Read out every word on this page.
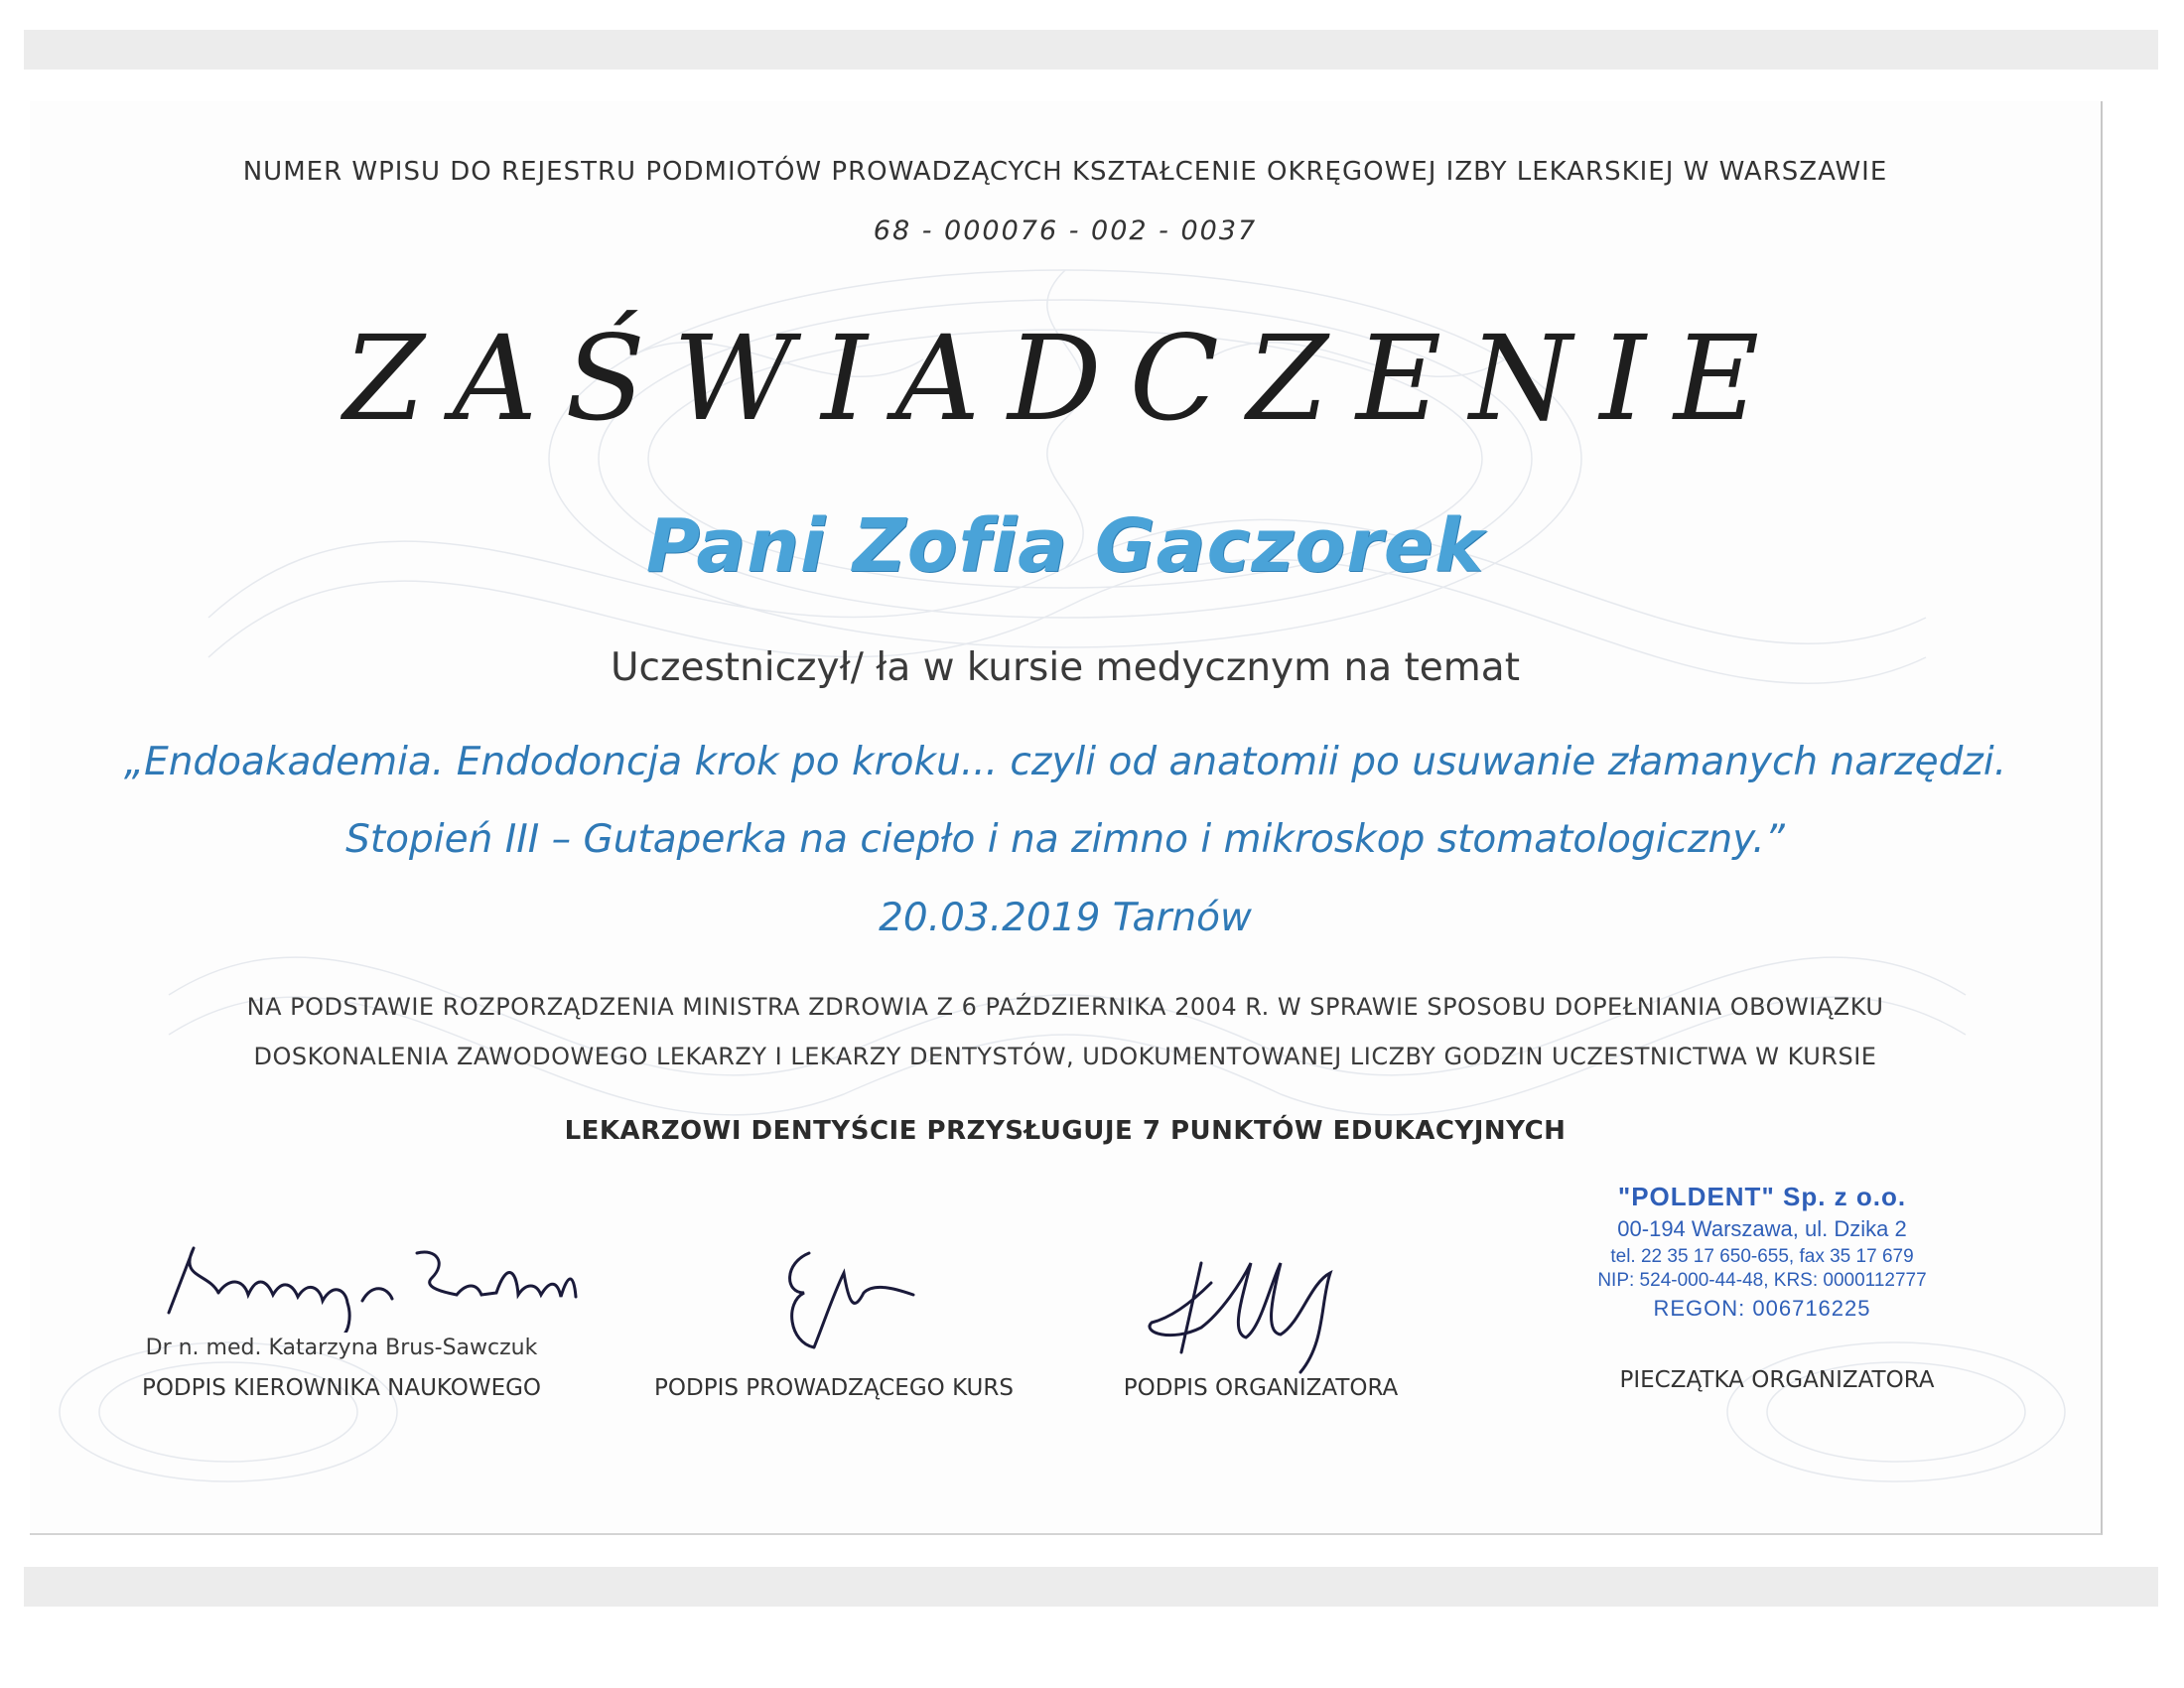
NUMER WPISU DO REJESTRU PODMIOTÓW PROWADZĄCYCH KSZTAŁCENIE OKRĘGOWEJ IZBY LEKARSKIEJ W WARSZAWIE
68 - 000076 - 002 - 0037
ZAŚWIADCZENIE
Pani Zofia Gaczorek
Uczestniczył/ ła w kursie medycznym na temat
„Endoakademia. Endodoncja krok po kroku... czyli od anatomii po usuwanie złamanych narzędzi.
Stopień III – Gutaperka na ciepło i na zimno i mikroskop stomatologiczny.”
20.03.2019 Tarnów
NA PODSTAWIE ROZPORZĄDZENIA MINISTRA ZDROWIA Z 6 PAŹDZIERNIKA 2004 R. W SPRAWIE SPOSOBU DOPEŁNIANIA OBOWIĄZKU
DOSKONALENIA ZAWODOWEGO LEKARZY I LEKARZY DENTYSTÓW, UDOKUMENTOWANEJ LICZBY GODZIN UCZESTNICTWA W KURSIE
LEKARZOWI DENTYŚCIE PRZYSŁUGUJE 7 PUNKTÓW EDUKACYJNYCH
Dr n. med. Katarzyna Brus-Sawczuk
PODPIS KIEROWNIKA NAUKOWEGO	PODPIS PROWADZĄCEGO KURS	PODPIS ORGANIZATORA	PIECZĄTKA ORGANIZATORA
"POLDENT" Sp. z o.o.
00-194 Warszawa, ul. Dzika 2
tel. 22 35 17 650-655, fax 35 17 679
NIP: 524-000-44-48, KRS: 0000112777
REGON: 006716225
